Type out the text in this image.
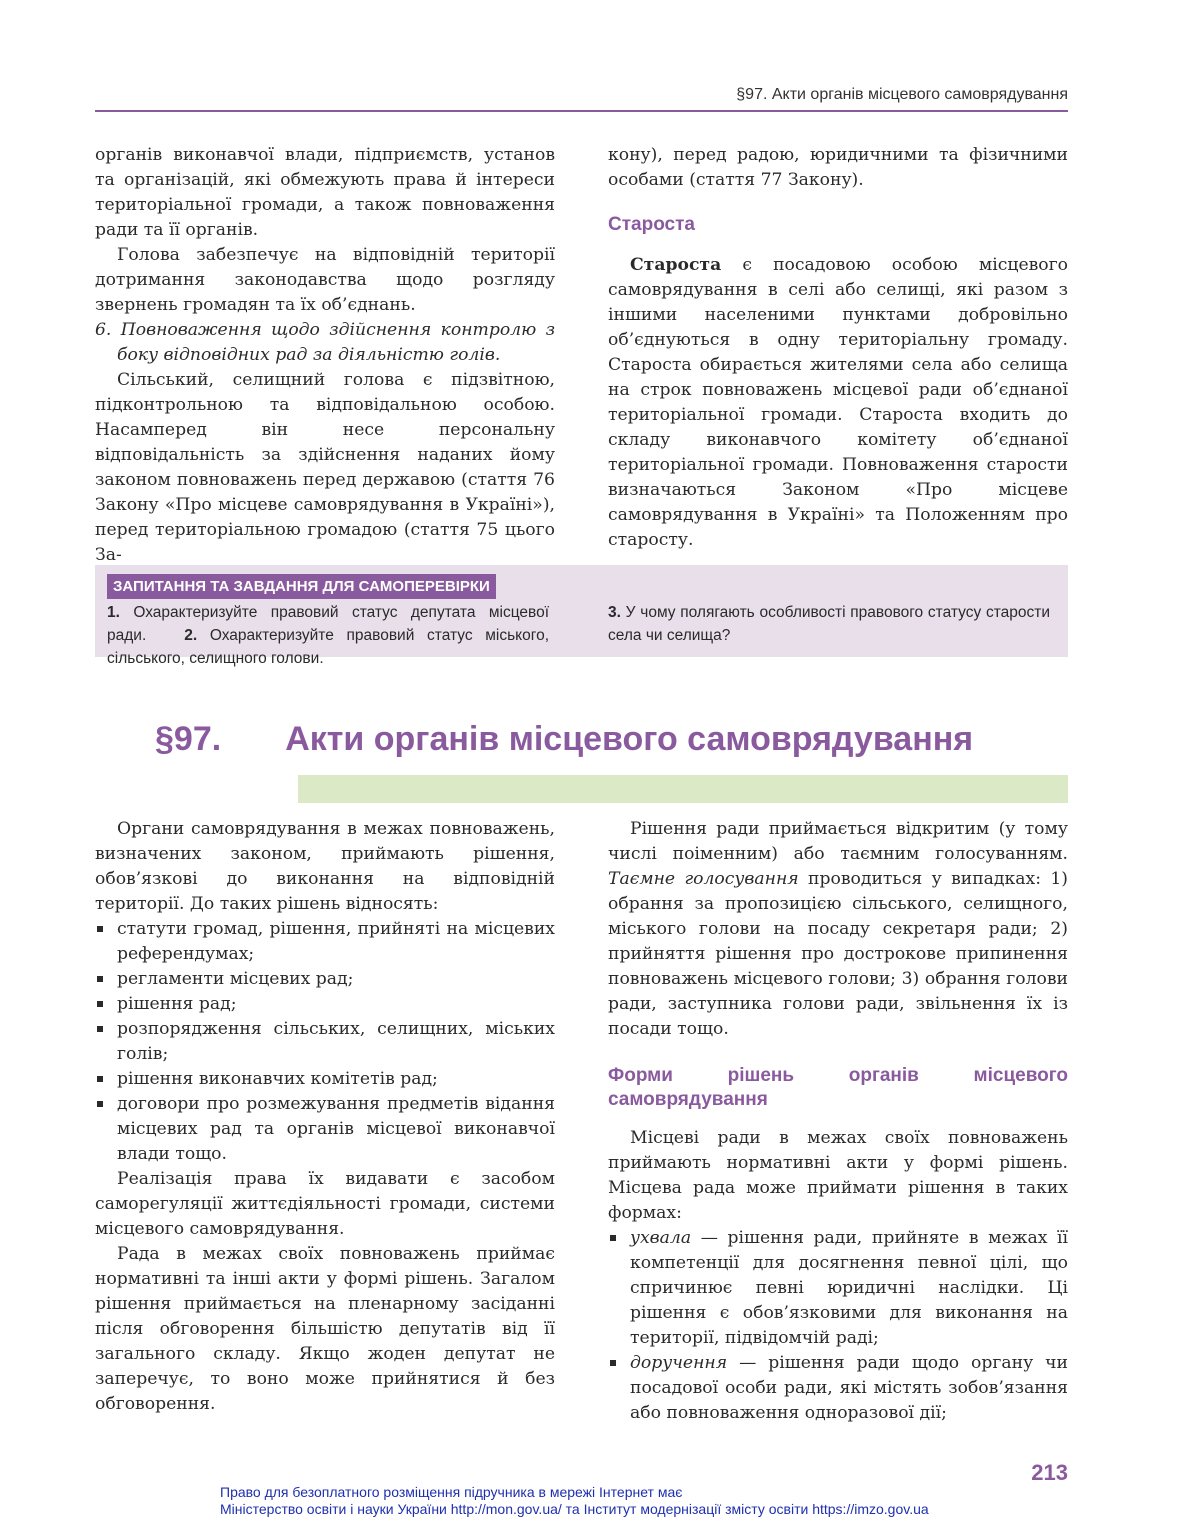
§97. Акти органів місцевого самоврядування

органів виконавчої влади, підприємств, установ та організацій, які обмежують права й інтереси територіальної громади, а також повноваження ради та її органів.

Голова забезпечує на відповідній території дотримання законодавства щодо розгляду звернень громадян та їх об’єднань.

6. Повноваження щодо здійснення контролю з боку відповідних рад за діяльністю голів.

Сільський, селищний голова є підзвітною, підконтрольною та відповідальною особою. Насамперед він несе персональну відповідальність за здійснення наданих йому законом повноважень перед державою (стаття 76 Закону «Про місцеве самоврядування в Україні»), перед територіальною громадою (стаття 75 цього За-

кону), перед радою, юридичними та фізичними особами (стаття 77 Закону).

Староста

Староста є посадовою особою місцевого самоврядування в селі або селищі, які разом з іншими населеними пунктами добровільно об’єднуються в одну територіальну громаду. Староста обирається жителями села або селища на строк повноважень місцевої ради об’єднаної територіальної громади. Староста входить до складу виконавчого комітету об’єднаної територіальної громади. Повноваження старости визначаються Законом «Про місцеве самоврядування в Україні» та Положенням про старосту.

ЗАПИТАННЯ ТА ЗАВДАННЯ ДЛЯ САМОПЕРЕВІРКИ
1. Охарактеризуйте правовий статус депутата місцевої ради. 2. Охарактеризуйте правовий статус міського, сільського, селищного голови.
3. У чому полягають особливості правового статусу старости села чи селища?
§97. Акти органів місцевого самоврядування

Органи самоврядування в межах повноважень, визначених законом, приймають рішення, обов’язкові до виконання на відповідній території. До таких рішень відносять:

статути громад, рішення, прийняті на місцевих референдумах;
регламенти місцевих рад;
рішення рад;
розпорядження сільських, селищних, міських голів;
рішення виконавчих комітетів рад;
договори про розмежування предметів відання місцевих рад та органів місцевої виконавчої влади тощо.

Реалізація права їх видавати є засобом саморегуляції життєдіяльності громади, системи місцевого самоврядування.

Рада в межах своїх повноважень приймає нормативні та інші акти у формі рішень. Загалом рішення приймається на пленарному засіданні після обговорення більшістю депутатів від її загального складу. Якщо жоден депутат не заперечує, то воно може прийнятися й без обговорення.

Рішення ради приймається відкритим (у тому числі поіменним) або таємним голосуванням. Таємне голосування проводиться у випадках: 1) обрання за пропозицією сільського, селищного, міського голови на посаду секретаря ради; 2) прийняття рішення про дострокове припинення повноважень місцевого голови; 3) обрання голови ради, заступника голови ради, звільнення їх із посади тощо.

Форми рішень органів місцевого самоврядування

Місцеві ради в межах своїх повноважень приймають нормативні акти у формі рішень. Місцева рада може приймати рішення в таких формах:

ухвала — рішення ради, прийняте в межах її компетенції для досягнення певної цілі, що спричинює певні юридичні наслідки. Ці рішення є обов’язковими для виконання на території, підвідомчій раді;
доручення — рішення ради щодо органу чи посадової особи ради, які містять зобов’язання або повноваження одноразової дії;
213
Право для безоплатного розміщення підручника в мережі Інтернет має
Міністерство освіти і науки України http://mon.gov.ua/ та Інститут модернізації змісту освіти https://imzo.gov.ua
